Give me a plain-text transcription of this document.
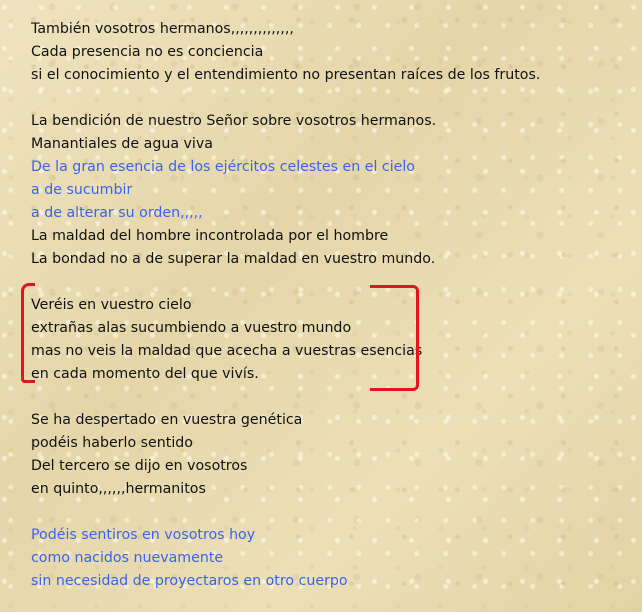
También vosotros hermanos,,,,,,,,,,,,,,
Cada presencia no es conciencia
si el conocimiento y el entendimiento no presentan raíces de los frutos.
La bendición de nuestro Señor sobre vosotros hermanos.
Manantiales de agua viva
De la gran esencia de los ejércitos celestes en el cielo
a de sucumbir
a de alterar su orden,,,,,
La maldad del hombre incontrolada por el hombre
La bondad no a de superar la maldad en vuestro mundo.
Veréis en vuestro cielo
extrañas alas sucumbiendo a vuestro mundo
mas no veis la maldad que acecha a vuestras esencias
en cada momento del que vivís.
Se ha despertado en vuestra genética
podéis haberlo sentido
Del tercero se dijo en vosotros
en quinto,,,,,,hermanitos
Podéis sentiros en vosotros hoy
como nacidos nuevamente
sin necesidad de proyectaros en otro cuerpo
